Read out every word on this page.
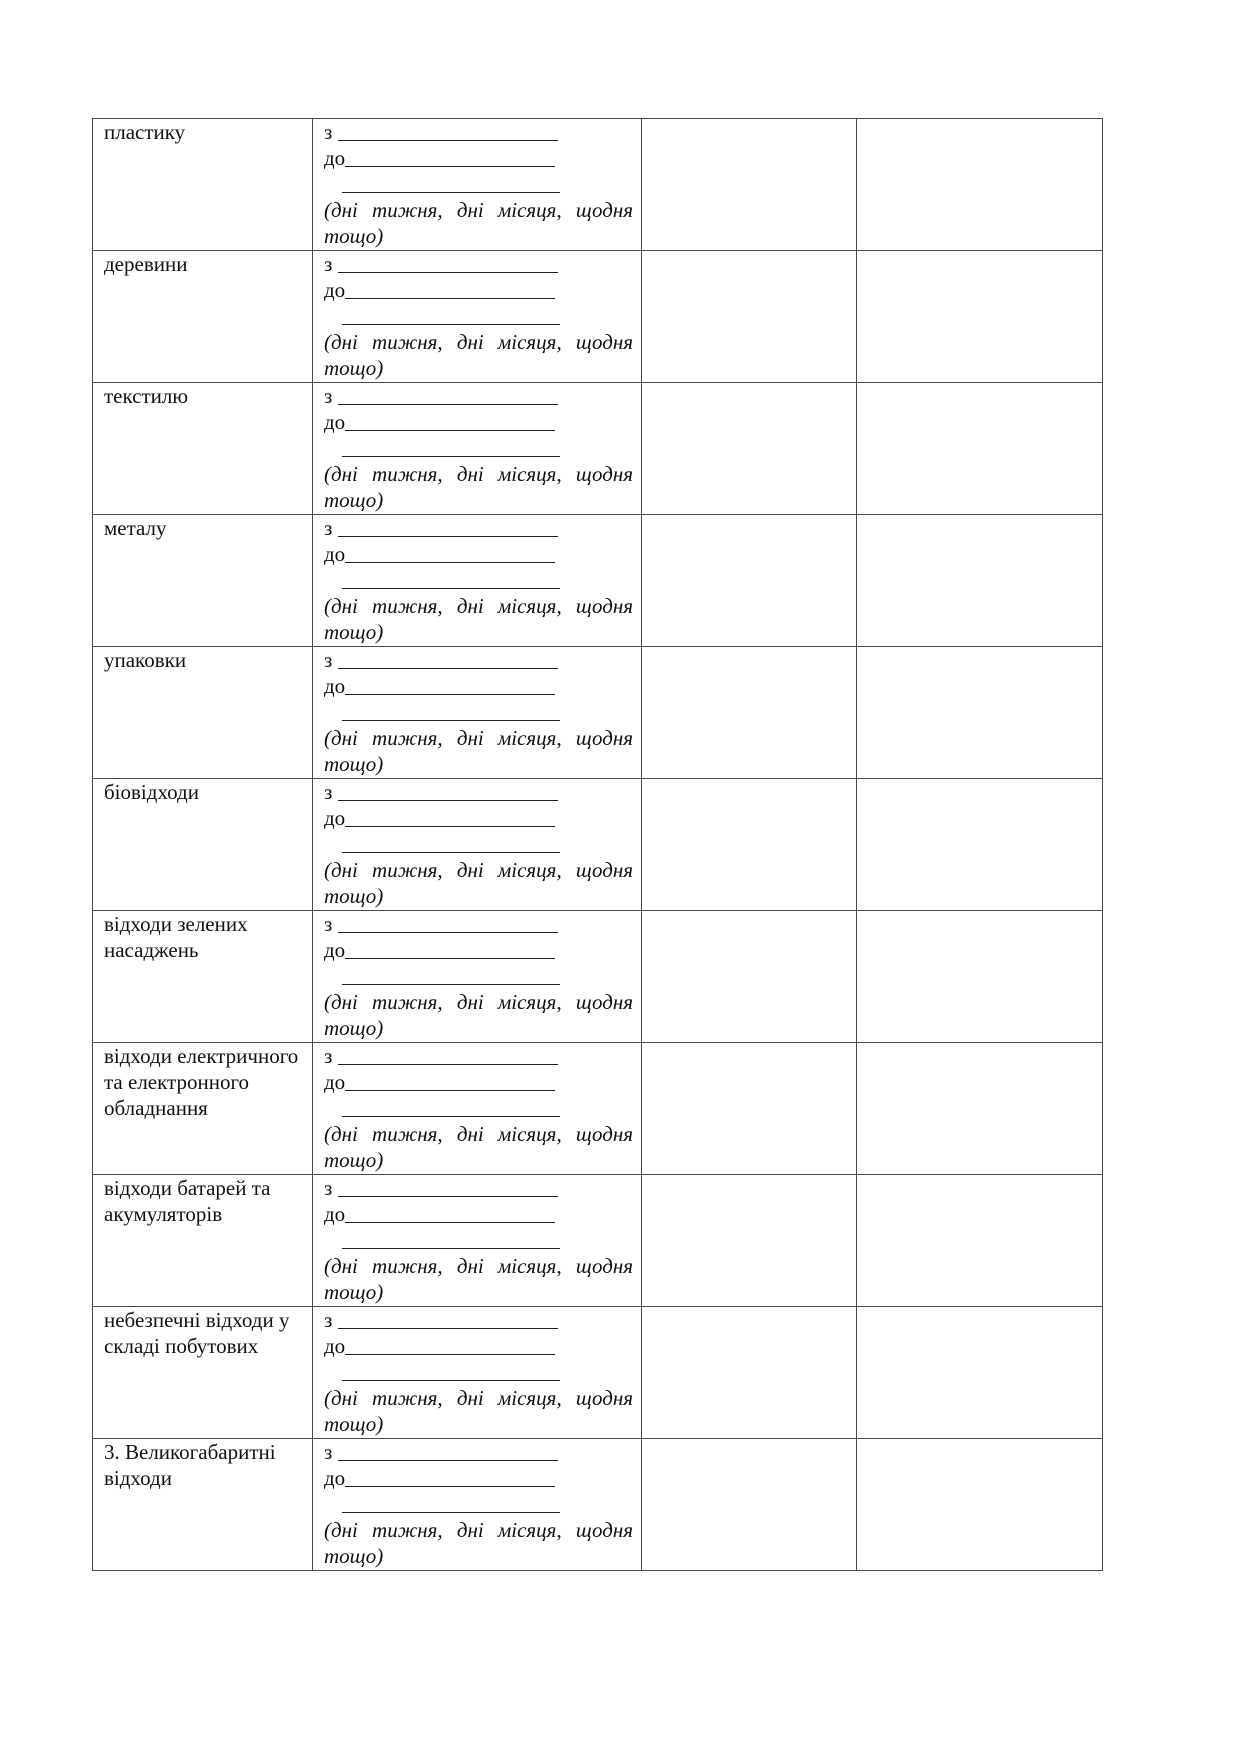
пластику	з
до
(дні тижня, дні місяця, щодня
тощо)		

деревини	з
до
(дні тижня, дні місяця, щодня
тощо)		

текстилю	з
до
(дні тижня, дні місяця, щодня
тощо)		

металу	з
до
(дні тижня, дні місяця, щодня
тощо)		

упаковки	з
до
(дні тижня, дні місяця, щодня
тощо)		

біовідходи	з
до
(дні тижня, дні місяця, щодня
тощо)		

відходи зелених насаджень	з
до
(дні тижня, дні місяця, щодня
тощо)		

відходи електричного та електронного обладнання	з
до
(дні тижня, дні місяця, щодня
тощо)		

відходи батарей та акумуляторів	з
до
(дні тижня, дні місяця, щодня
тощо)		

небезпечні відходи у складі побутових	з
до
(дні тижня, дні місяця, щодня
тощо)		

3. Великогабаритні відходи	з
до
(дні тижня, дні місяця, щодня
тощо)		
